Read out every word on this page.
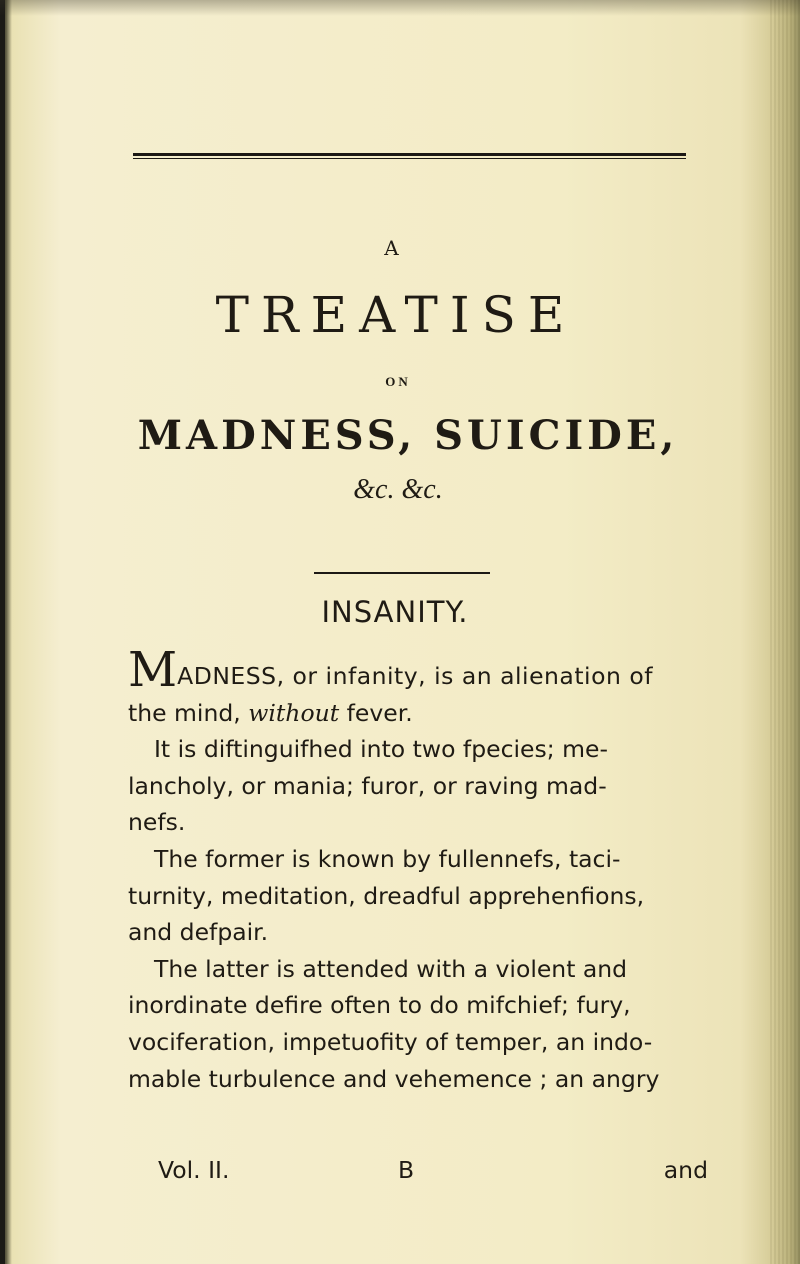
A
TREATISE
ON
MADNESS, SUICIDE,
&c. &c.
INSANITY.

MADNESS, or infanity, is an alienation of
the mind, without fever.

It is diftinguifhed into two fpecies; me-
lancholy, or mania; furor, or raving mad-
nefs.

The former is known by fullennefs, taci-
turnity, meditation, dreadful apprehenfions,
and defpair.

The latter is attended with a violent and
inordinate defire often to do mifchief; fury,
vociferation, impetuofity of temper, an indo-
mable turbulence and vehemence ; an angry

Vol. II.	B	and
